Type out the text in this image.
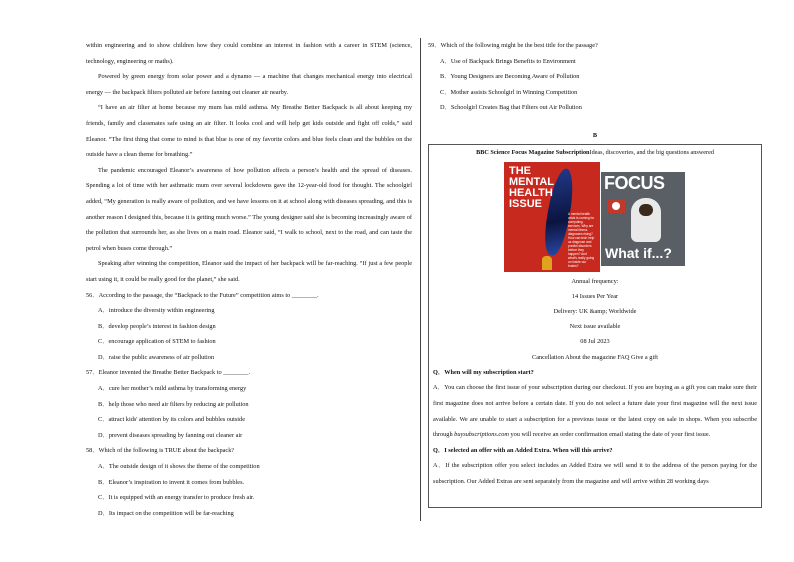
within engineering and to show children how they could combine an interest in fashion with a career in STEM (science, technology, engineering or maths).

Powered by green energy from solar power and a dynamo — a machine that changes mechanical energy into electrical energy — the backpack filters polluted air before fanning out cleaner air nearby.

“I have an air filter at home because my mum has mild asthma. My Breathe Better Backpack is all about keeping my friends, family and classmates safe using an air filter. It looks cool and will help get kids outside and fight off colds,” said Eleanor. “The first thing that come to mind is that blue is one of my favorite colors and blue feels clean and the bubbles on the outside have a clean theme for breathing.”

The pandemic encouraged Eleanor’s awareness of how pollution affects a person’s health and the spread of diseases. Spending a lot of time with her asthmatic mum over several lockdowns gave the 12-year-old food for thought. The schoolgirl added, “My generation is really aware of pollution, and we have lessons on it at school along with diseases spreading, and this is another reason I designed this, because it is getting much worse.” The young designer said she is becoming increasingly aware of the pollution that surrounds her, as she lives on a main road. Eleanor said, “I walk to school, next to the road, and can taste the petrol when buses come through.”

Speaking after winning the competition, Eleanor said the impact of her backpack will be far-reaching. “If just a few people start using it, it could be really good for the planet,” she said.

56．According to the passage, the “Backpack to the Future” competition aims to ________.
A．introduce the diversity within engineering
B．develop people’s interest in fashion design
C．encourage application of STEM to fashion
D．raise the public awareness of air pollution
57．Eleanor invented the Breathe Better Backpack to ________.
A．cure her mother’s mild asthma by transforming energy
B．help those who need air filters by reducing air pollution
C．attract kids' attention by its colors and bubbles outside
D．prevent diseases spreading by fanning out cleaner air
58．Which of the following is TRUE about the backpack?
A．The outside design of it shows the theme of the competition
B．Eleanor’s inspiration to invent it comes from bubbles.
C．It is equipped with an energy transfer to produce fresh air.
D．Its impact on the competition will be far-reaching
59．Which of the following might be the best title for the passage?
A．Use of Backpack Brings Benefits to Environment
B．Young Designers are Becoming Aware of Pollution
C．Mother assists Schoolgirl in Winning Competition
D．Schoolgirl Creates Bag that Filters out Air Pollution
B
BBC Science Focus Magazine SubscriptionIdeas, discoveries, and the big questions answered
THE MENTAL HEALTH ISSUE
A mental health crisis is coming for computing services. Why are mental illness diagnoses rising? How can tech help us diagnose and predict disorders before they happen? And what's really going on inside our brains?
FOCUS
What if...?
Annual frequency:
14 Issues Per Year
Delivery: UK &amp; Worldwide
Next issue available
08 Jul 2023
Cancellation About the magazine FAQ Give a gift
Q．When will my subscription start?

A．You can choose the first issue of your subscription during our checkout. If you are buying as a gift you can make sure their first magazine does not arrive before a certain date. If you do not select a future date your first magazine will the next issue available. We are unable to start a subscription for a previous issue or the latest copy on sale in shops. When you subscribe through buysubscriptions.com you will receive an order confirmation email stating the date of your first issue.

Q．I selected an offer with an Added Extra. When will this arrive?

A．If the subscription offer you select includes an Added Extra we will send it to the address of the person paying for the subscription. Our Added Extras are sent separately from the magazine and will arrive within 28 working days
